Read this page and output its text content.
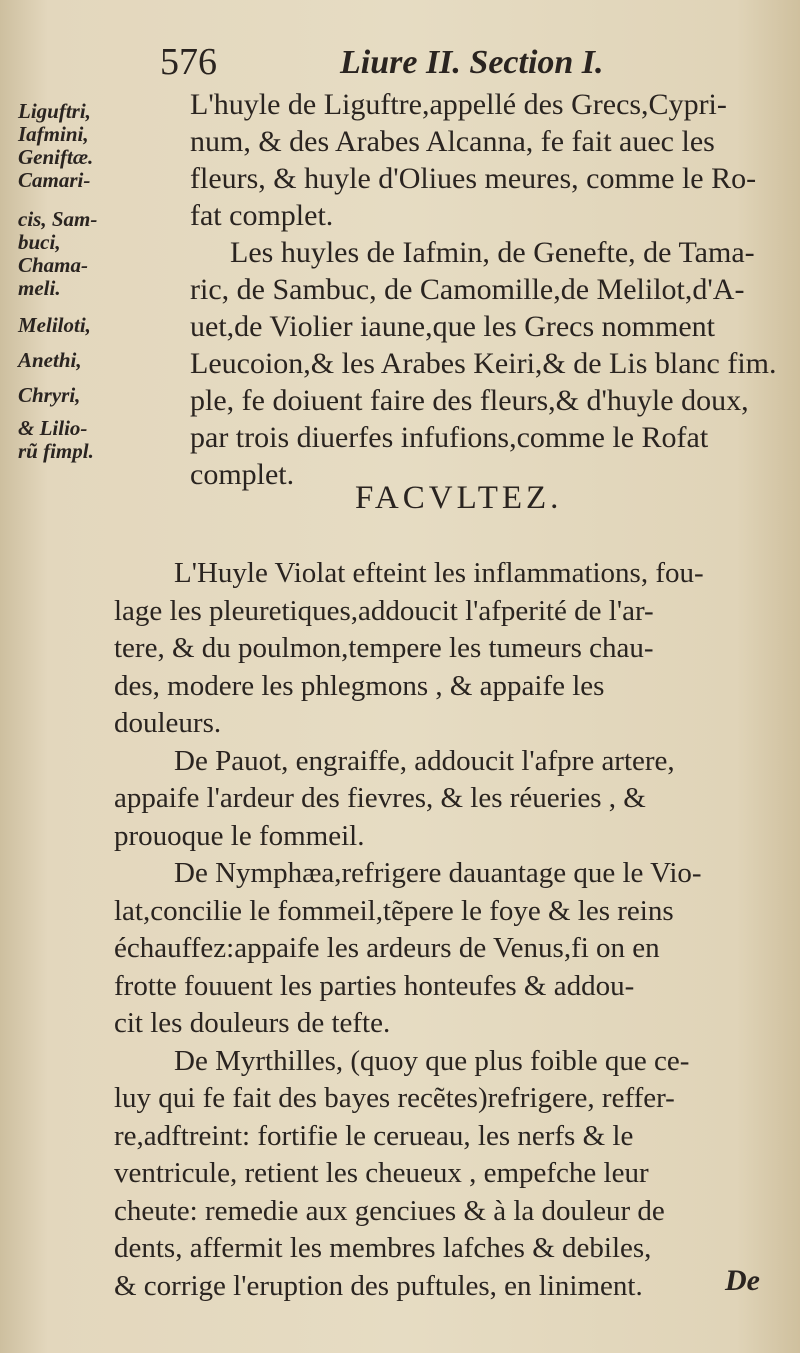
576	Liure II. Section I.
Liguftri,
Iafmini,
Geniftæ.
Camari-
cis, Sam-
buci,
Chama-
meli.
Meliloti,
Anethi,
Chryri,
& Lilio-
rũ fimpl.
L'huyle de Liguftre,appellé des Grecs,Cypri-
num, & des Arabes Alcanna, fe fait auec les
fleurs, & huyle d'Oliues meures, comme le Ro-
fat complet.
Les huyles de Iafmin, de Genefte, de Tama-
ric, de Sambuc, de Camomille,de Melilot,d'A-
uet,de Violier iaune,que les Grecs nomment
Leucoion,& les Arabes Keiri,& de Lis blanc fim.
ple, fe doiuent faire des fleurs,& d'huyle doux,
par trois diuerfes infufions,comme le Rofat
complet.
FACVLTEZ.
L'Huyle Violat efteint les inflammations, fou-
lage les pleuretiques,addoucit l'afperité de l'ar-
tere, & du poulmon,tempere les tumeurs chau-
des, modere les phlegmons , & appaife les
douleurs.
De Pauot, engraiffe, addoucit l'afpre artere,
appaife l'ardeur des fievres, & les réueries , &
prouoque le fommeil.
De Nymphæa,refrigere dauantage que le Vio-
lat,concilie le fommeil,tẽpere le foye & les reins
échauffez:appaife les ardeurs de Venus,fi on en
frotte fouuent les parties honteufes & addou-
cit les douleurs de tefte.
De Myrthilles, (quoy que plus foible que ce-
luy qui fe fait des bayes recẽtes)refrigere, reffer-
re,adftreint: fortifie le cerueau, les nerfs & le
ventricule, retient les cheueux , empefche leur
cheute: remedie aux genciues & à la douleur de
dents, affermit les membres lafches & debiles,
& corrige l'eruption des puftules, en liniment.	De
